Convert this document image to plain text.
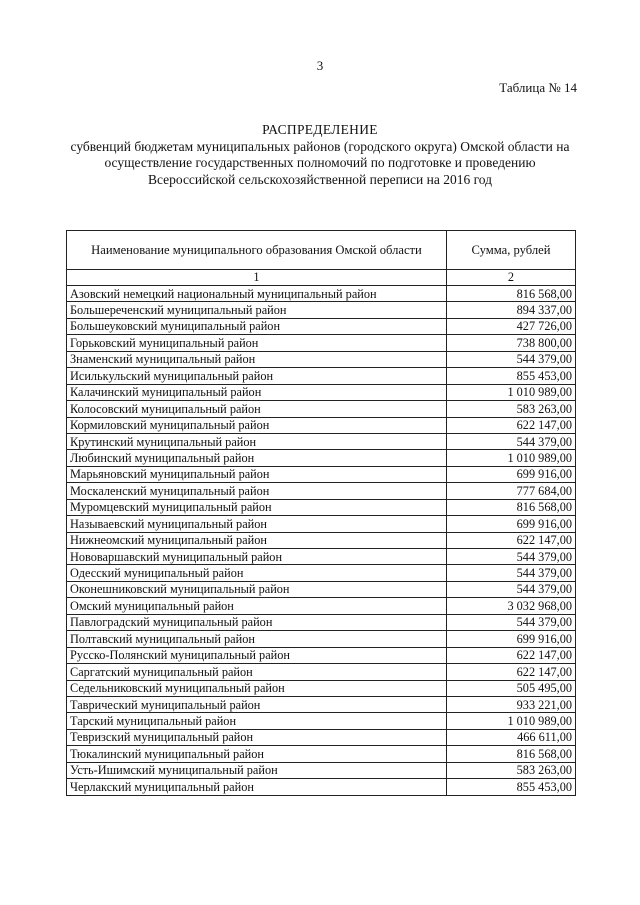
3
Таблица № 14
РАСПРЕДЕЛЕНИЕ
субвенций бюджетам муниципальных районов (городского округа) Омской области на
осуществление государственных полномочий по подготовке и проведению
Всероссийской сельскохозяйственной переписи на 2016 год
Наименование муниципального образования Омской области	Сумма, рублей
1	2
Азовский немецкий национальный муниципальный район	816 568,00
Большереченский муниципальный район	894 337,00
Большеуковский муниципальный район	427 726,00
Горьковский муниципальный район	738 800,00
Знаменский муниципальный район	544 379,00
Исилькульский муниципальный район	855 453,00
Калачинский муниципальный район	1 010 989,00
Колосовский муниципальный район	583 263,00
Кормиловский муниципальный район	622 147,00
Крутинский муниципальный район	544 379,00
Любинский муниципальный район	1 010 989,00
Марьяновский муниципальный район	699 916,00
Москаленский муниципальный район	777 684,00
Муромцевский муниципальный район	816 568,00
Называевский муниципальный район	699 916,00
Нижнеомский муниципальный район	622 147,00
Нововаршавский муниципальный район	544 379,00
Одесский муниципальный район	544 379,00
Оконешниковский муниципальный район	544 379,00
Омский муниципальный район	3 032 968,00
Павлоградский муниципальный район	544 379,00
Полтавский муниципальный район	699 916,00
Русско-Полянский муниципальный район	622 147,00
Саргатский муниципальный район	622 147,00
Седельниковский муниципальный район	505 495,00
Таврический муниципальный район	933 221,00
Тарский муниципальный район	1 010 989,00
Тевризский муниципальный район	466 611,00
Тюкалинский муниципальный район	816 568,00
Усть-Ишимский муниципальный район	583 263,00
Черлакский муниципальный район	855 453,00
